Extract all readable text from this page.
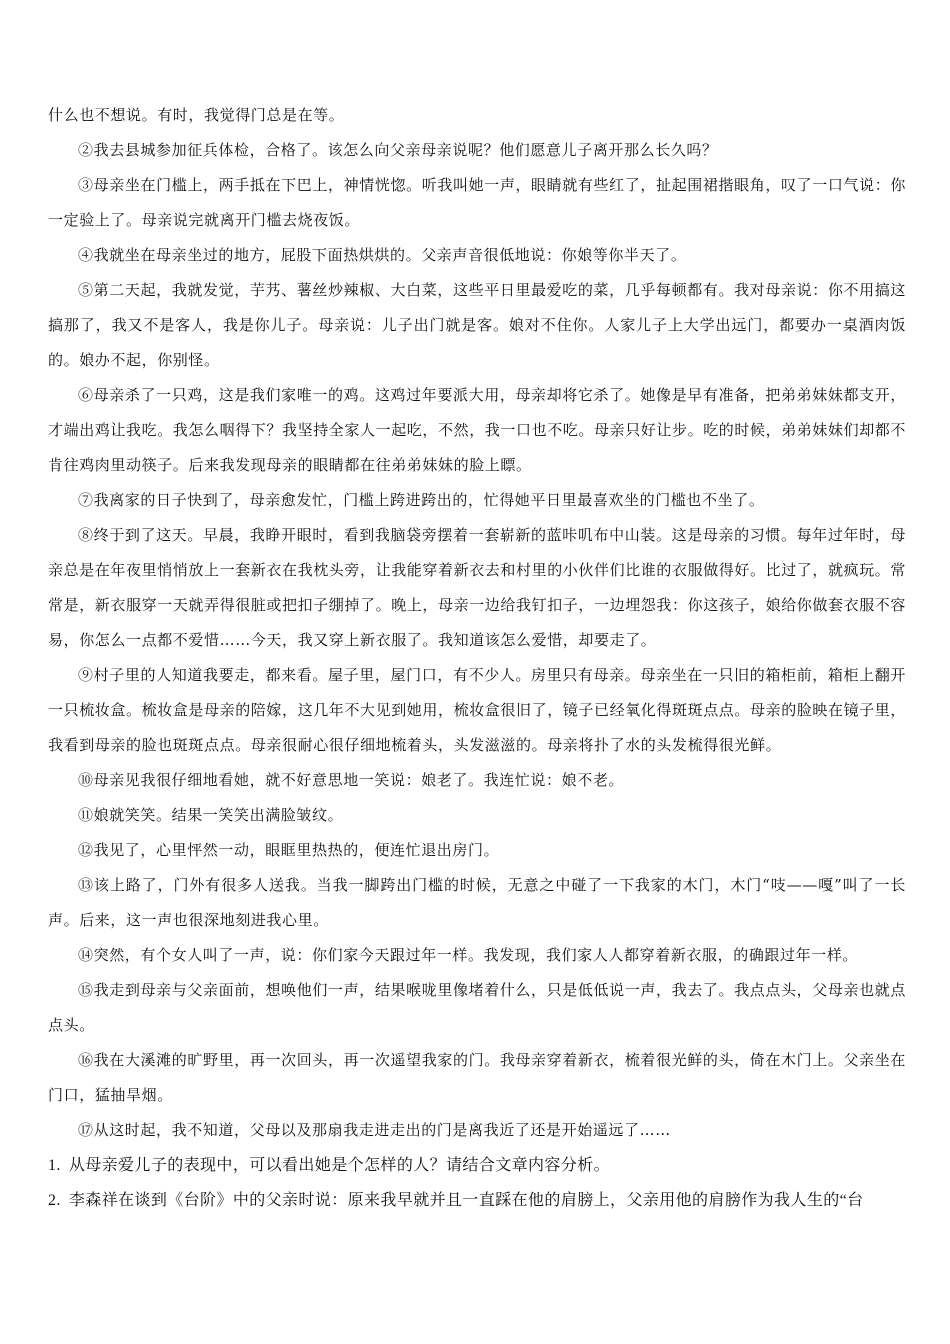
什么也不想说。有时，我觉得门总是在等。

②我去县城参加征兵体检，合格了。该怎么向父亲母亲说呢？他们愿意儿子离开那么长久吗？

③母亲坐在门槛上，两手抵在下巴上，神情恍惚。听我叫她一声，眼睛就有些红了，扯起围裙揩眼角，叹了一口气说：你一定验上了。母亲说完就离开门槛去烧夜饭。

④我就坐在母亲坐过的地方，屁股下面热烘烘的。父亲声音很低地说：你娘等你半天了。

⑤第二天起，我就发觉，芋艿、薯丝炒辣椒、大白菜，这些平日里最爱吃的菜，几乎每顿都有。我对母亲说：你不用搞这搞那了，我又不是客人，我是你儿子。母亲说：儿子出门就是客。娘对不住你。人家儿子上大学出远门，都要办一桌酒肉饭的。娘办不起，你别怪。

⑥母亲杀了一只鸡，这是我们家唯一的鸡。这鸡过年要派大用，母亲却将它杀了。她像是早有准备，把弟弟妹妹都支开，才端出鸡让我吃。我怎么咽得下？我坚持全家人一起吃，不然，我一口也不吃。母亲只好让步。吃的时候，弟弟妹妹们却都不肯往鸡肉里动筷子。后来我发现母亲的眼睛都在往弟弟妹妹的脸上瞟。

⑦我离家的日子快到了，母亲愈发忙，门槛上跨进跨出的，忙得她平日里最喜欢坐的门槛也不坐了。

⑧终于到了这天。早晨，我睁开眼时，看到我脑袋旁摆着一套崭新的蓝咔叽布中山装。这是母亲的习惯。每年过年时，母亲总是在年夜里悄悄放上一套新衣在我枕头旁，让我能穿着新衣去和村里的小伙伴们比谁的衣服做得好。比过了，就疯玩。常常是，新衣服穿一天就弄得很脏或把扣子绷掉了。晚上，母亲一边给我钉扣子，一边埋怨我：你这孩子，娘给你做套衣服不容易，你怎么一点都不爱惜……今天，我又穿上新衣服了。我知道该怎么爱惜，却要走了。

⑨村子里的人知道我要走，都来看。屋子里，屋门口，有不少人。房里只有母亲。母亲坐在一只旧的箱柜前，箱柜上翻开一只梳妆盒。梳妆盒是母亲的陪嫁，这几年不大见到她用，梳妆盒很旧了，镜子已经氧化得斑斑点点。母亲的脸映在镜子里，我看到母亲的脸也斑斑点点。母亲很耐心很仔细地梳着头，头发滋滋的。母亲将扑了水的头发梳得很光鲜。

⑩母亲见我很仔细地看她，就不好意思地一笑说：娘老了。我连忙说：娘不老。

⑪娘就笑笑。结果一笑笑出满脸皱纹。

⑫我见了，心里怦然一动，眼眶里热热的，便连忙退出房门。

⑬该上路了，门外有很多人送我。当我一脚跨出门槛的时候，无意之中碰了一下我家的木门，木门“吱——嘎”叫了一长声。后来，这一声也很深地刻进我心里。

⑭突然，有个女人叫了一声，说：你们家今天跟过年一样。我发现，我们家人人都穿着新衣服，的确跟过年一样。

⑮我走到母亲与父亲面前，想唤他们一声，结果喉咙里像堵着什么，只是低低说一声，我去了。我点点头，父母亲也就点点头。

⑯我在大溪滩的旷野里，再一次回头，再一次遥望我家的门。我母亲穿着新衣，梳着很光鲜的头，倚在木门上。父亲坐在门口，猛抽旱烟。

⑰从这时起，我不知道，父母以及那扇我走进走出的门是离我近了还是开始遥远了……

1. 从母亲爱儿子的表现中，可以看出她是个怎样的人？请结合文章内容分析。

2. 李森祥在谈到《台阶》中的父亲时说：原来我早就并且一直踩在他的肩膀上，父亲用他的肩膀作为我人生的“台
